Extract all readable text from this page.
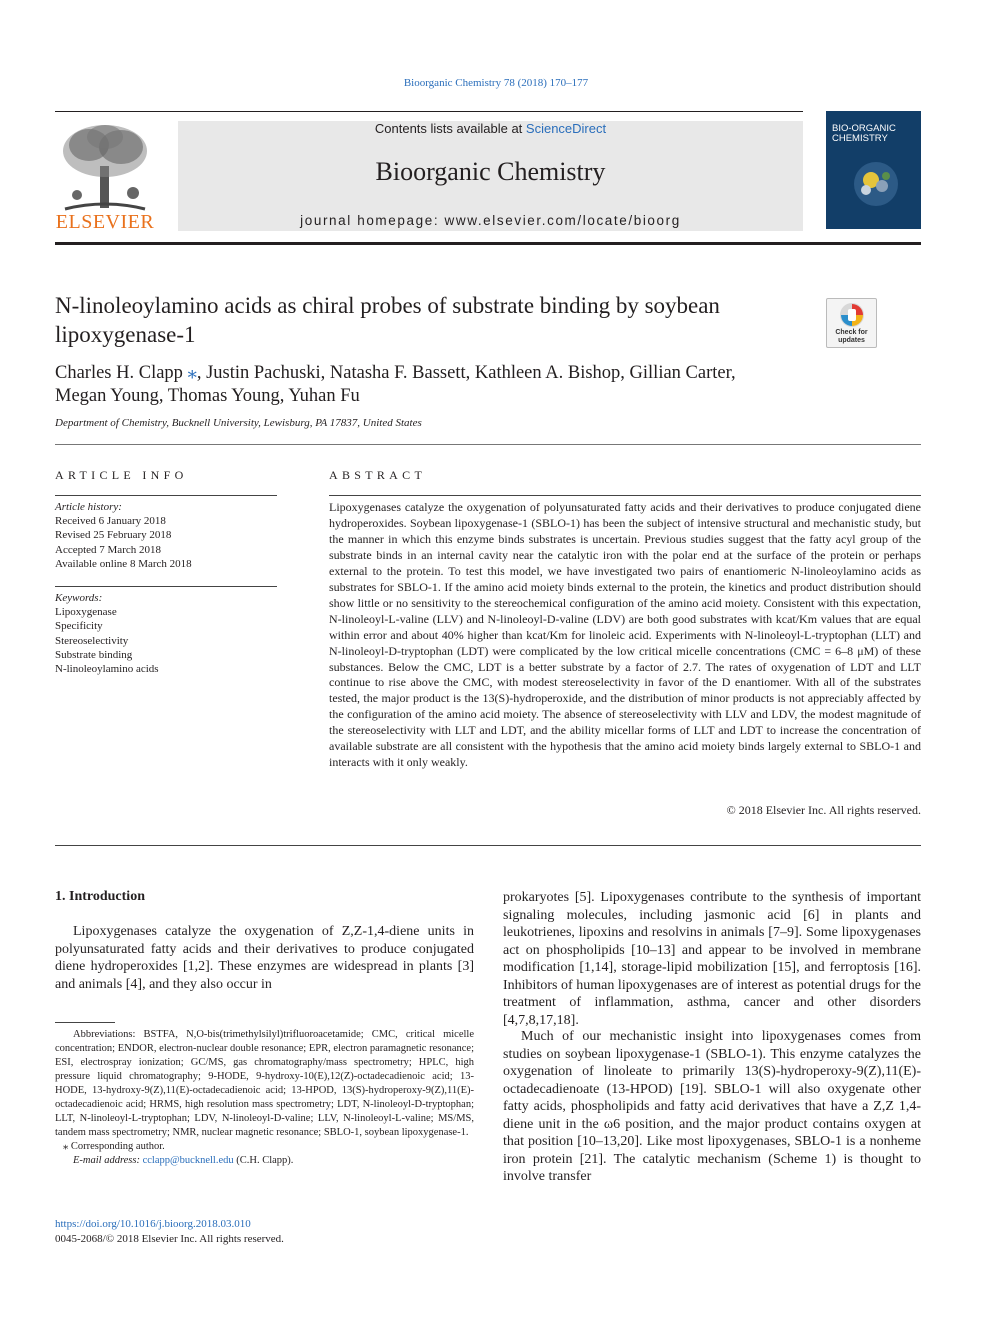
Bioorganic Chemistry 78 (2018) 170–177
ELSEVIER
Contents lists available at ScienceDirect
Bioorganic Chemistry
journal homepage: www.elsevier.com/locate/bioorg
BIO-ORGANIC CHEMISTRY
N-linoleoylamino acids as chiral probes of substrate binding by soybean lipoxygenase-1	Check for updates
Charles H. Clapp ⁎, Justin Pachuski, Natasha F. Bassett, Kathleen A. Bishop, Gillian Carter,
Megan Young, Thomas Young, Yuhan Fu
Department of Chemistry, Bucknell University, Lewisburg, PA 17837, United States
ARTICLE INFO
Article history:
Received 6 January 2018
Revised 25 February 2018
Accepted 7 March 2018
Available online 8 March 2018
Keywords:
Lipoxygenase
Specificity
Stereoselectivity
Substrate binding
N-linoleoylamino acids
ABSTRACT
Lipoxygenases catalyze the oxygenation of polyunsaturated fatty acids and their derivatives to produce conjugated diene hydroperoxides. Soybean lipoxygenase-1 (SBLO-1) has been the subject of intensive structural and mechanistic study, but the manner in which this enzyme binds substrates is uncertain. Previous studies suggest that the fatty acyl group of the substrate binds in an internal cavity near the catalytic iron with the polar end at the surface of the protein or perhaps external to the protein. To test this model, we have investigated two pairs of enantiomeric N-linoleoylamino acids as substrates for SBLO-1. If the amino acid moiety binds external to the protein, the kinetics and product distribution should show little or no sensitivity to the stereochemical configuration of the amino acid moiety. Consistent with this expectation, N-linoleoyl-L-valine (LLV) and N-linoleoyl-D-valine (LDV) are both good substrates with kcat/Km values that are equal within error and about 40% higher than kcat/Km for linoleic acid. Experiments with N-linoleoyl-L-tryptophan (LLT) and N-linoleoyl-D-tryptophan (LDT) were complicated by the low critical micelle concentrations (CMC = 6–8 μM) of these substances. Below the CMC, LDT is a better substrate by a factor of 2.7. The rates of oxygenation of LDT and LLT continue to rise above the CMC, with modest stereoselectivity in favor of the D enantiomer. With all of the substrates tested, the major product is the 13(S)-hydroperoxide, and the distribution of minor products is not appreciably affected by the configuration of the amino acid moiety. The absence of stereoselectivity with LLV and LDV, the modest magnitude of the stereoselectivity with LLT and LDT, and the ability micellar forms of LLT and LDT to increase the concentration of available substrate are all consistent with the hypothesis that the amino acid moiety binds largely external to SBLO-1 and interacts with it only weakly.
© 2018 Elsevier Inc. All rights reserved.
1. Introduction
Lipoxygenases catalyze the oxygenation of Z,Z-1,4-diene units in polyunsaturated fatty acids and their derivatives to produce conjugated diene hydroperoxides [1,2]. These enzymes are widespread in plants [3] and animals [4], and they also occur in
prokaryotes [5]. Lipoxygenases contribute to the synthesis of important signaling molecules, including jasmonic acid [6] in plants and leukotrienes, lipoxins and resolvins in animals [7–9]. Some lipoxygenases act on phospholipids [10–13] and appear to be involved in membrane modification [1,14], storage-lipid mobilization [15], and ferroptosis [16]. Inhibitors of human lipoxygenases are of interest as potential drugs for the treatment of inflammation, asthma, cancer and other disorders [4,7,8,17,18].
Much of our mechanistic insight into lipoxygenases comes from studies on soybean lipoxygenase-1 (SBLO-1). This enzyme catalyzes the oxygenation of linoleate to primarily 13(S)-hydroperoxy-9(Z),11(E)-octadecadienoate (13-HPOD) [19]. SBLO-1 will also oxygenate other fatty acids, phospholipids and fatty acid derivatives that have a Z,Z 1,4-diene unit in the ω6 position, and the major product contains oxygen at that position [10–13,20]. Like most lipoxygenases, SBLO-1 is a nonheme iron protein [21]. The catalytic mechanism (Scheme 1) is thought to involve transfer
Abbreviations: BSTFA, N,O-bis(trimethylsilyl)trifluoroacetamide; CMC, critical micelle concentration; ENDOR, electron-nuclear double resonance; EPR, electron paramagnetic resonance; ESI, electrospray ionization; GC/MS, gas chromatography/mass spectrometry; HPLC, high pressure liquid chromatography; 9-HODE, 9-hydroxy-10(E),12(Z)-octadecadienoic acid; 13-HODE, 13-hydroxy-9(Z),11(E)-octadecadienoic acid; 13-HPOD, 13(S)-hydroperoxy-9(Z),11(E)-octadecadienoic acid; HRMS, high resolution mass spectrometry; LDT, N-linoleoyl-D-tryptophan; LLT, N-linoleoyl-L-tryptophan; LDV, N-linoleoyl-D-valine; LLV, N-linoleoyl-L-valine; MS/MS, tandem mass spectrometry; NMR, nuclear magnetic resonance; SBLO-1, soybean lipoxygenase-1.
⁎ Corresponding author.
E-mail address: cclapp@bucknell.edu (C.H. Clapp).
https://doi.org/10.1016/j.bioorg.2018.03.010
0045-2068/© 2018 Elsevier Inc. All rights reserved.
